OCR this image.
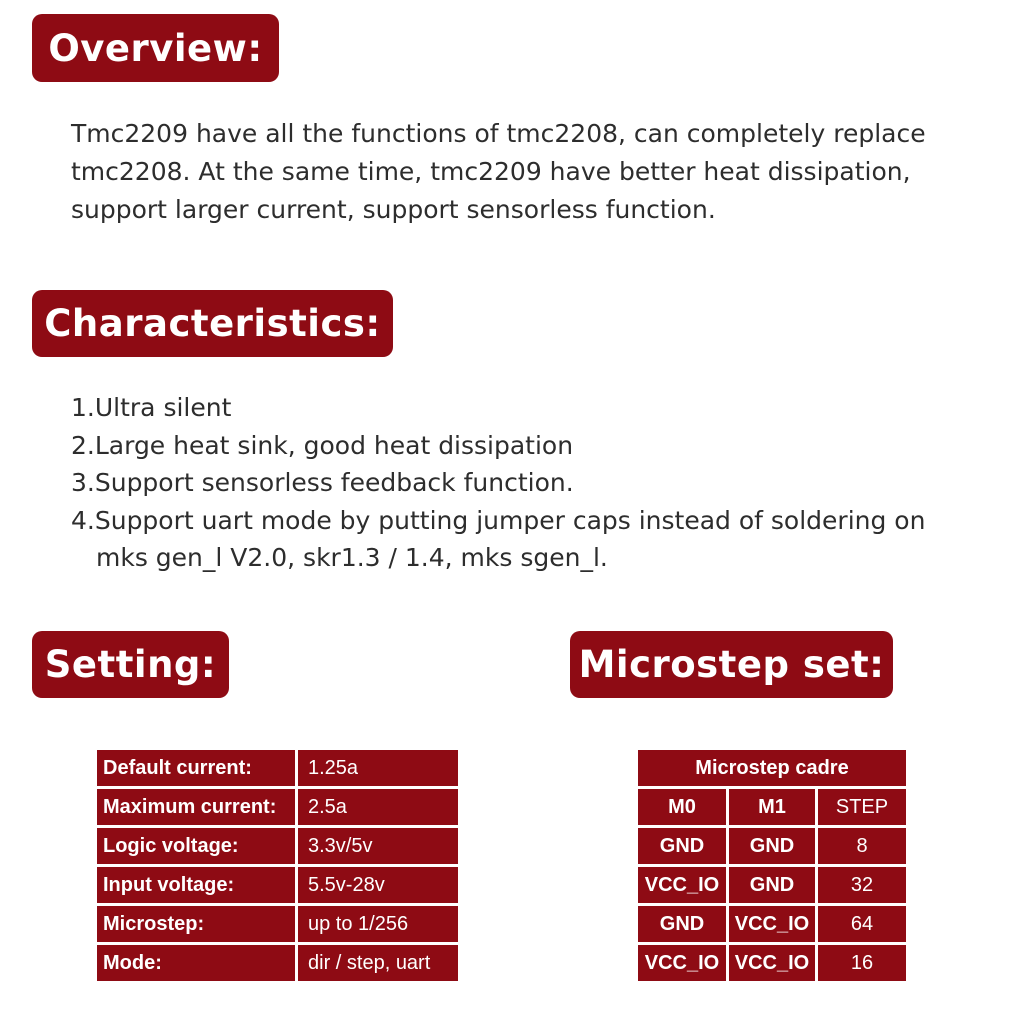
Overview:

Tmc2209 have all the functions of tmc2208, can completely replace

tmc2208. At the same time, tmc2209 have better heat dissipation,

support larger current, support sensorless function.

Characteristics:
1.Ultra silent
2.Large heat sink, good heat dissipation
3.Support sensorless feedback function.
4.Support uart mode by putting jumper caps instead of soldering on
mks gen_l V2.0, skr1.3 / 1.4, mks sgen_l.
Setting:
Default current:	1.25a
Maximum current:	2.5a
Logic voltage:	3.3v/5v
Input voltage:	5.5v-28v
Microstep:	up to 1/256
Mode:	dir / step, uart
Microstep set:
Microstep cadre		
M0	M1	STEP
GND	GND	8
VCC_IO	GND	32
GND	VCC_IO	64
VCC_IO	VCC_IO	16
